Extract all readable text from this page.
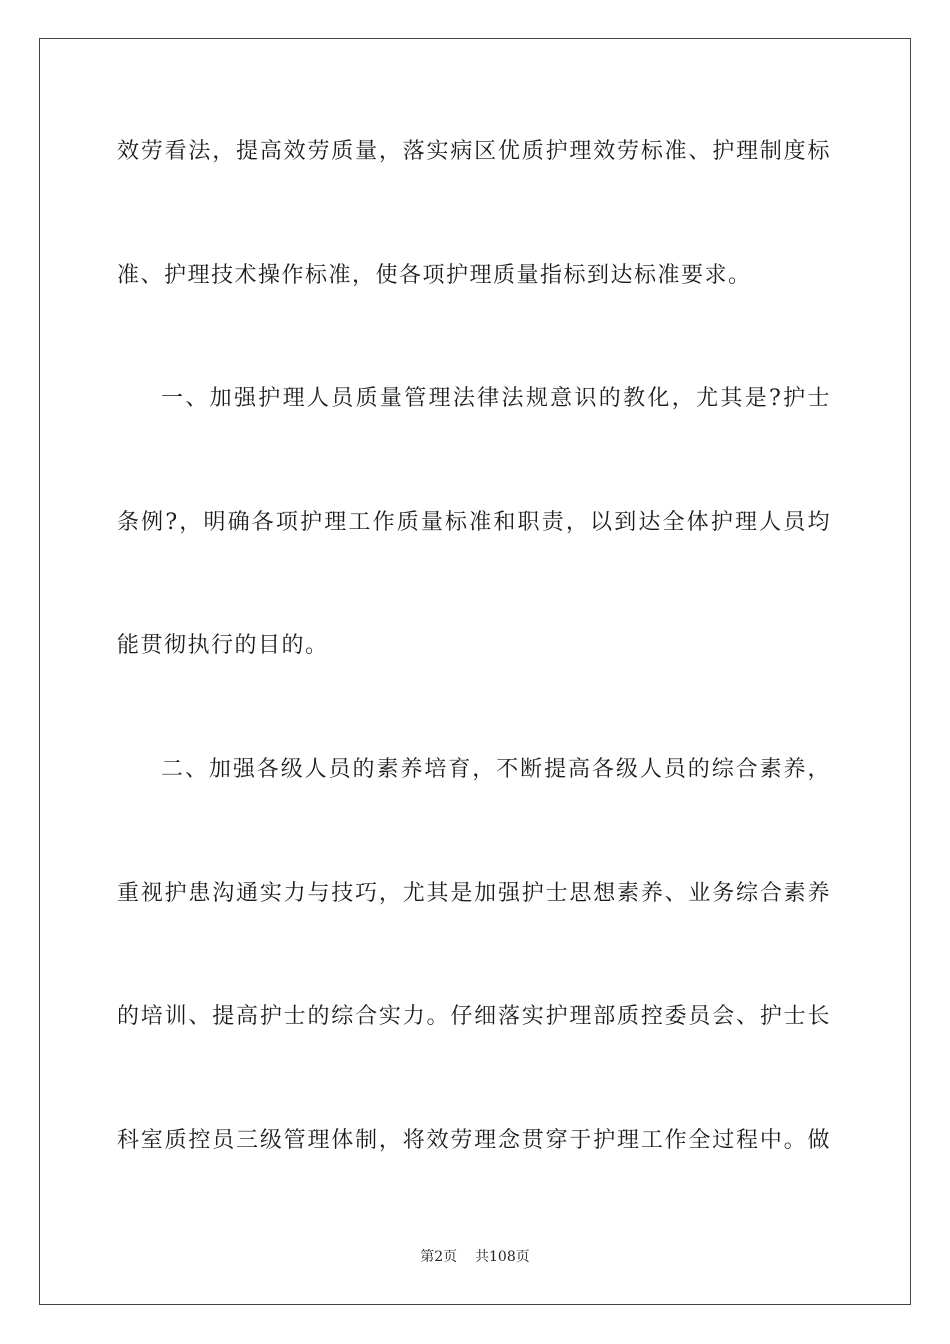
效劳看法，提高效劳质量，落实病区优质护理效劳标准、护理制度标
准、护理技术操作标准，使各项护理质量指标到达标准要求。
一、加强护理人员质量管理法律法规意识的教化，尤其是?护士
条例?，明确各项护理工作质量标准和职责，以到达全体护理人员均
能贯彻执行的目的。
二、加强各级人员的素养培育，不断提高各级人员的综合素养，
重视护患沟通实力与技巧，尤其是加强护士思想素养、业务综合素养
的培训、提高护士的综合实力。仔细落实护理部质控委员会、护士长
科室质控员三级管理体制，将效劳理念贯穿于护理工作全过程中。做
第2页 共108页
